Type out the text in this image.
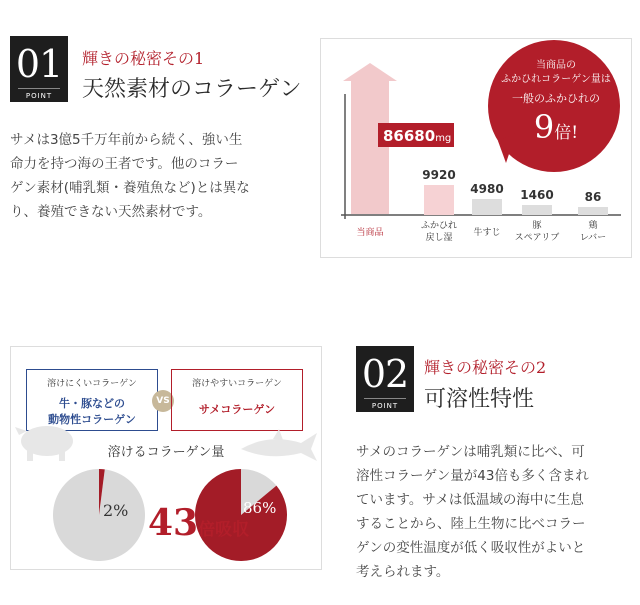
01
POINT
輝きの秘密その1
天然素材のコラーゲン
サメは3億5千万年前から続く、強い生
命力を持つ海の王者です。他のコラー
ゲン素材(哺乳類・養殖魚など)とは異な
り、養殖できない天然素材です。
当商品
9920
ふかひれ
戻し湿
4980
牛すじ
1460
豚
スペアリブ
86
鶏
レバー
86680mg
当商品の
ふかひれコラーゲン量は
一般のふかひれの
9倍!
溶けにくいコラーゲン
牛・豚などの
動物性コラーゲン
VS
溶けやすいコラーゲン
サメコラーゲン
溶けるコラーゲン量
2%	86%
43倍吸収
02
POINT
輝きの秘密その2
可溶性特性
サメのコラーゲンは哺乳類に比べ、可
溶性コラーゲン量が43倍も多く含まれ
ています。サメは低温域の海中に生息
することから、陸上生物に比べコラー
ゲンの変性温度が低く吸収性がよいと
考えられます。
